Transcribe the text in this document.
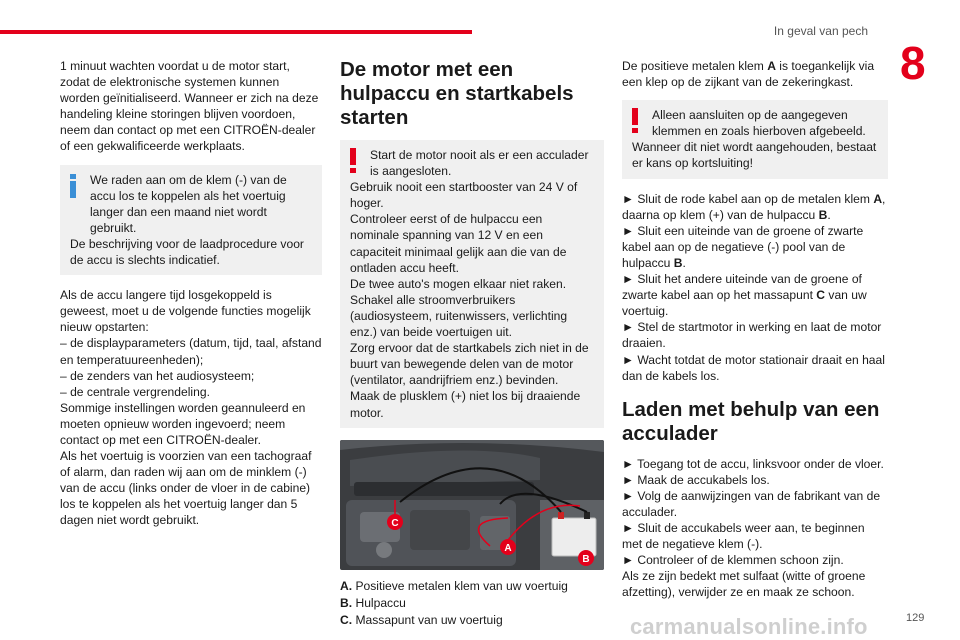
In geval van pech
8

1 minuut wachten voordat u de motor start, zodat de elektronische systemen kunnen worden geïnitialiseerd. Wanneer er zich na deze handeling kleine storingen blijven voordoen, neem dan contact op met een CITROËN-dealer of een gekwalificeerde werkplaats.

We raden aan om de klem (-) van de accu los te koppelen als het voertuig langer dan een maand niet wordt gebruikt.

De beschrijving voor de laadprocedure voor de accu is slechts indicatief.

Als de accu langere tijd losgekoppeld is geweest, moet u de volgende functies mogelijk nieuw opstarten:

– de displayparameters (datum, tijd, taal, afstand en temperatuureenheden);

– de zenders van het audiosysteem;

– de centrale vergrendeling.

Sommige instellingen worden geannuleerd en moeten opnieuw worden ingevoerd; neem contact op met een CITROËN-dealer.

Als het voertuig is voorzien van een tachograaf of alarm, dan raden wij aan om de minklem (-) van de accu (links onder de vloer in de cabine) los te koppelen als het voertuig langer dan 5 dagen niet wordt gebruikt.

De motor met een hulpaccu en startkabels starten

Start de motor nooit als er een acculader is aangesloten.

Gebruik nooit een startbooster van 24 V of hoger.

Controleer eerst of de hulpaccu een nominale spanning van 12 V en een capaciteit minimaal gelijk aan die van de ontladen accu heeft.

De twee auto's mogen elkaar niet raken.

Schakel alle stroomverbruikers (audiosysteem, ruitenwissers, verlichting enz.) van beide voertuigen uit.

Zorg ervoor dat de startkabels zich niet in de buurt van bewegende delen van de motor (ventilator, aandrijfriem enz.) bevinden.

Maak de plusklem (+) niet los bij draaiende motor.

C
A
B

A. Positieve metalen klem van uw voertuig

B. Hulpaccu

C. Massapunt van uw voertuig

De positieve metalen klem A is toegankelijk via een klep op de zijkant van de zekeringkast.

Alleen aansluiten op de aangegeven klemmen en zoals hierboven afgebeeld.

Wanneer dit niet wordt aangehouden, bestaat er kans op kortsluiting!

► Sluit de rode kabel aan op de metalen klem A, daarna op klem (+) van de hulpaccu B.

► Sluit een uiteinde van de groene of zwarte kabel aan op de negatieve (-) pool van de hulpaccu B.

► Sluit het andere uiteinde van de groene of zwarte kabel aan op het massapunt C van uw voertuig.

► Stel de startmotor in werking en laat de motor draaien.

► Wacht totdat de motor stationair draait en haal dan de kabels los.

Laden met behulp van een acculader

► Toegang tot de accu, linksvoor onder de vloer.

► Maak de accukabels los.

► Volg de aanwijzingen van de fabrikant van de acculader.

► Sluit de accukabels weer aan, te beginnen met de negatieve klem (-).

► Controleer of de klemmen schoon zijn.

Als ze zijn bedekt met sulfaat (witte of groene afzetting), verwijder ze en maak ze schoon.

carmanualsonline.info	129
